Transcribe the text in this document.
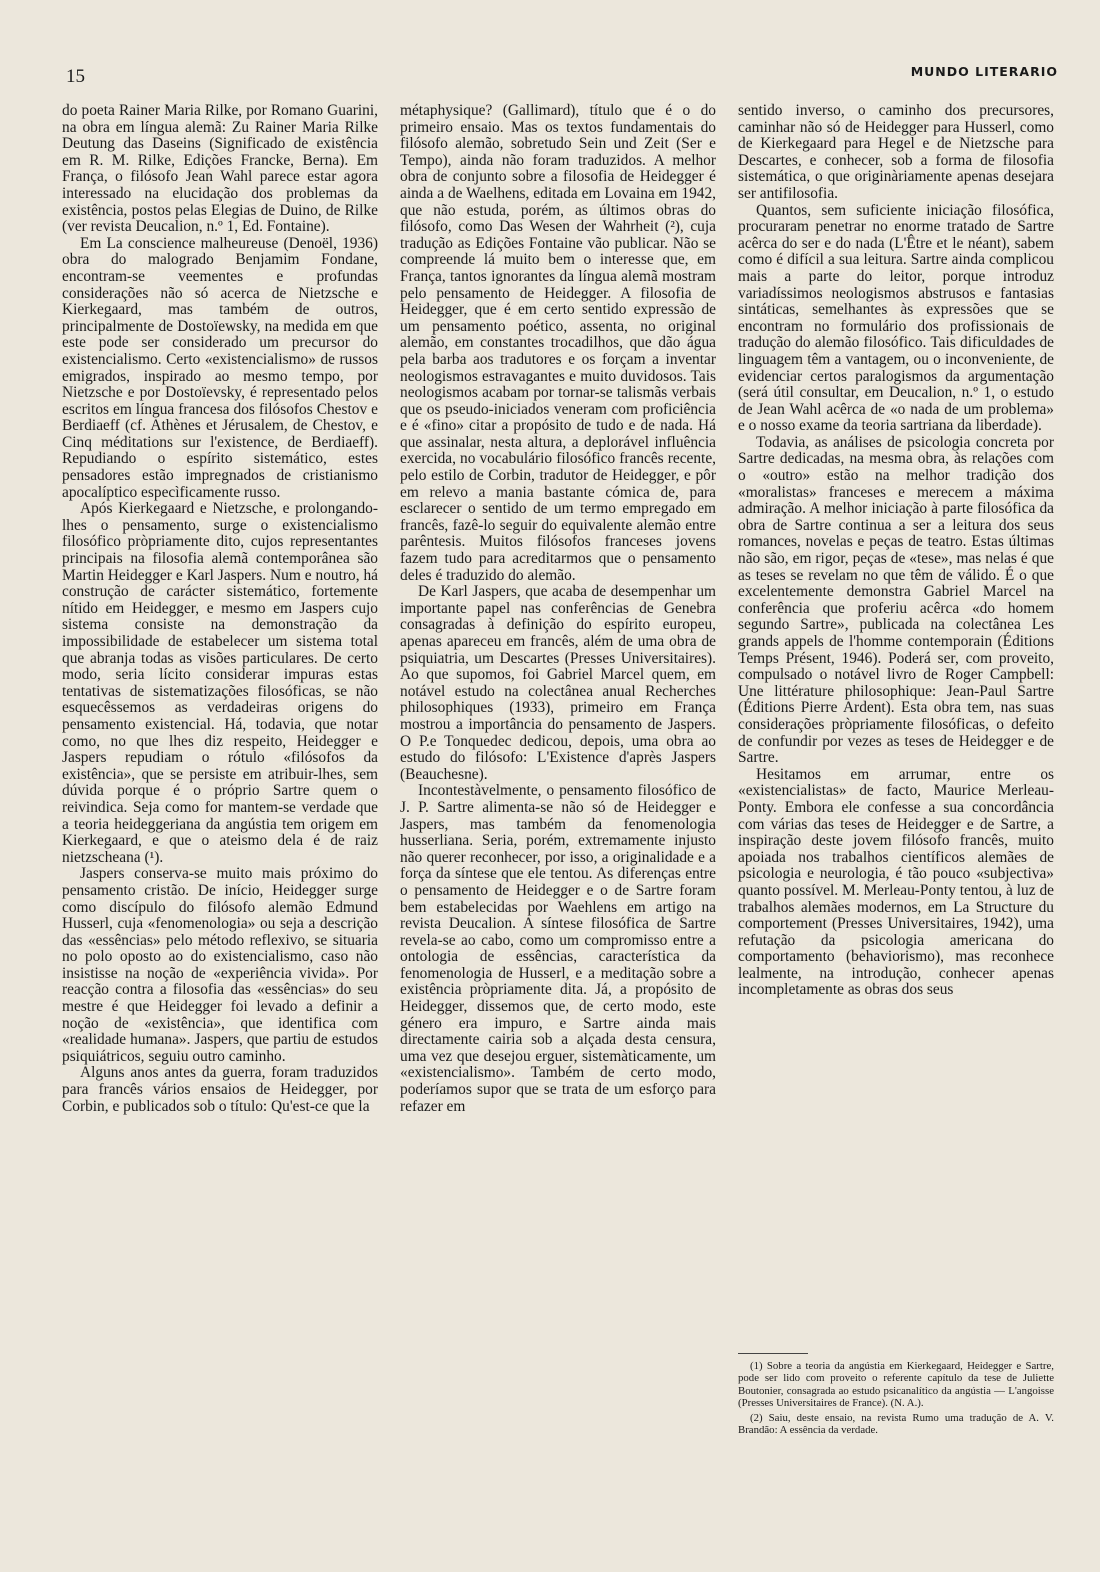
15	MUNDO LITERARIO

do poeta Rainer Maria Rilke, por Romano Guarini, na obra em língua alemã: Zu Rainer Maria Rilke Deutung das Daseins (Significado de existência em R. M. Rilke, Edições Francke, Berna). Em França, o filósofo Jean Wahl parece estar agora interessado na elucidação dos problemas da existência, postos pelas Elegias de Duino, de Rilke (ver revista Deucalion, n.º 1, Ed. Fontaine).

Em La conscience malheureuse (Denoël, 1936) obra do malogrado Benjamim Fondane, encontram-se veementes e profundas considerações não só acerca de Nietzsche e Kierkegaard, mas também de outros, principalmente de Dostoïewsky, na medida em que este pode ser considerado um precursor do existencialismo. Certo «existencialismo» de russos emigrados, inspirado ao mesmo tempo, por Nietzsche e por Dostoïevsky, é representado pelos escritos em língua francesa dos filósofos Chestov e Berdiaeff (cf. Athènes et Jérusalem, de Chestov, e Cinq méditations sur l'existence, de Berdiaeff). Repudiando o espírito sistemático, estes pensadores estão impregnados de cristianismo apocalíptico especìficamente russo.

Após Kierkegaard e Nietzsche, e prolongando-lhes o pensamento, surge o existencialismo filosófico pròpriamente dito, cujos representantes principais na filosofia alemã contemporânea são Martin Heidegger e Karl Jaspers. Num e noutro, há construção de carácter sistemático, fortemente nítido em Heidegger, e mesmo em Jaspers cujo sistema consiste na demonstração da impossibilidade de estabelecer um sistema total que abranja todas as visões particulares. De certo modo, seria lícito considerar impuras estas tentativas de sistematizações filosóficas, se não esquecêssemos as verdadeiras origens do pensamento existencial. Há, todavia, que notar como, no que lhes diz respeito, Heidegger e Jaspers repudiam o rótulo «filósofos da existência», que se persiste em atribuir-lhes, sem dúvida porque é o próprio Sartre quem o reivindica. Seja como for mantem-se verdade que a teoria heideggeriana da angústia tem origem em Kierkegaard, e que o ateismo dela é de raiz nietzscheana (¹).

Jaspers conserva-se muito mais próximo do pensamento cristão. De início, Heidegger surge como discípulo do filósofo alemão Edmund Husserl, cuja «fenomenologia» ou seja a descrição das «essências» pelo método reflexivo, se situaria no polo oposto ao do existencialismo, caso não insistisse na noção de «experiência vivida». Por reacção contra a filosofia das «essências» do seu mestre é que Heidegger foi levado a definir a noção de «existência», que identifica com «realidade humana». Jaspers, que partiu de estudos psiquiátricos, seguiu outro caminho.

Alguns anos antes da guerra, foram traduzidos para francês vários ensaios de Heidegger, por Corbin, e publicados sob o título: Qu'est-ce que la

métaphysique? (Gallimard), título que é o do primeiro ensaio. Mas os textos fundamentais do filósofo alemão, sobretudo Sein und Zeit (Ser e Tempo), ainda não foram traduzidos. A melhor obra de conjunto sobre a filosofia de Heidegger é ainda a de Waelhens, editada em Lovaina em 1942, que não estuda, porém, as últimos obras do filósofo, como Das Wesen der Wahrheit (²), cuja tradução as Edições Fontaine vão publicar. Não se compreende lá muito bem o interesse que, em França, tantos ignorantes da língua alemã mostram pelo pensamento de Heidegger. A filosofia de Heidegger, que é em certo sentido expressão de um pensamento poético, assenta, no original alemão, em constantes trocadilhos, que dão água pela barba aos tradutores e os forçam a inventar neologismos estravagantes e muito duvidosos. Tais neologismos acabam por tornar-se talismãs verbais que os pseudo-iniciados veneram com proficiência e é «fino» citar a propósito de tudo e de nada. Há que assinalar, nesta altura, a deplorável influência exercida, no vocabulário filosófico francês recente, pelo estilo de Corbin, tradutor de Heidegger, e pôr em relevo a mania bastante cómica de, para esclarecer o sentido de um termo empregado em francês, fazê-lo seguir do equivalente alemão entre parêntesis. Muitos filósofos franceses jovens fazem tudo para acreditarmos que o pensamento deles é traduzido do alemão.

De Karl Jaspers, que acaba de desempenhar um importante papel nas conferências de Genebra consagradas à definição do espírito europeu, apenas apareceu em francês, além de uma obra de psiquiatria, um Descartes (Presses Universitaires). Ao que supomos, foi Gabriel Marcel quem, em notável estudo na colectânea anual Recherches philosophiques (1933), primeiro em França mostrou a importância do pensamento de Jaspers. O P.e Tonquedec dedicou, depois, uma obra ao estudo do filósofo: L'Existence d'après Jaspers (Beauchesne).

Incontestàvelmente, o pensamento filosófico de J. P. Sartre alimenta-se não só de Heidegger e Jaspers, mas também da fenomenologia husserliana. Seria, porém, extremamente injusto não querer reconhecer, por isso, a originalidade e a força da síntese que ele tentou. As diferenças entre o pensamento de Heidegger e o de Sartre foram bem estabelecidas por Waehlens em artigo na revista Deucalion. A síntese filosófica de Sartre revela-se ao cabo, como um compromisso entre a ontologia de essências, característica da fenomenologia de Husserl, e a meditação sobre a existência pròpriamente dita. Já, a propósito de Heidegger, dissemos que, de certo modo, este género era impuro, e Sartre ainda mais directamente cairia sob a alçada desta censura, uma vez que desejou erguer, sistemàticamente, um «existencialismo». Também de certo modo, poderíamos supor que se trata de um esforço para refazer em

sentido inverso, o caminho dos precursores, caminhar não só de Heidegger para Husserl, como de Kierkegaard para Hegel e de Nietzsche para Descartes, e conhecer, sob a forma de filosofia sistemática, o que originàriamente apenas desejara ser antifilosofia.

Quantos, sem suficiente iniciação filosófica, procuraram penetrar no enorme tratado de Sartre acêrca do ser e do nada (L'Être et le néant), sabem como é difícil a sua leitura. Sartre ainda complicou mais a parte do leitor, porque introduz variadíssimos neologismos abstrusos e fantasias sintáticas, semelhantes às expressões que se encontram no formulário dos profissionais de tradução do alemão filosófico. Tais dificuldades de linguagem têm a vantagem, ou o inconveniente, de evidenciar certos paralogismos da argumentação (será útil consultar, em Deucalion, n.º 1, o estudo de Jean Wahl acêrca de «o nada de um problema» e o nosso exame da teoria sartriana da liberdade).

Todavia, as análises de psicologia concreta por Sartre dedicadas, na mesma obra, às relações com o «outro» estão na melhor tradição dos «moralistas» franceses e merecem a máxima admiração. A melhor iniciação à parte filosófica da obra de Sartre continua a ser a leitura dos seus romances, novelas e peças de teatro. Estas últimas não são, em rigor, peças de «tese», mas nelas é que as teses se revelam no que têm de válido. É o que excelentemente demonstra Gabriel Marcel na conferência que proferiu acêrca «do homem segundo Sartre», publicada na colectânea Les grands appels de l'homme contemporain (Éditions Temps Présent, 1946). Poderá ser, com proveito, compulsado o notável livro de Roger Campbell: Une littérature philosophique: Jean-Paul Sartre (Éditions Pierre Ardent). Esta obra tem, nas suas considerações pròpriamente filosóficas, o defeito de confundir por vezes as teses de Heidegger e de Sartre.

Hesitamos em arrumar, entre os «existencialistas» de facto, Maurice Merleau-Ponty. Embora ele confesse a sua concordância com várias das teses de Heidegger e de Sartre, a inspiração deste jovem filósofo francês, muito apoiada nos trabalhos científicos alemães de psicologia e neurologia, é tão pouco «subjectiva» quanto possível. M. Merleau-Ponty tentou, à luz de trabalhos alemães modernos, em La Structure du comportement (Presses Universitaires, 1942), uma refutação da psicologia americana do comportamento (behaviorismo), mas reconhece lealmente, na introdução, conhecer apenas incompletamente as obras dos seus

(1) Sobre a teoria da angústia em Kierkegaard, Heidegger e Sartre, pode ser lido com proveito o referente capítulo da tese de Juliette Boutonier, consagrada ao estudo psicanalítico da angústia — L'angoisse (Presses Universitaires de France). (N. A.).

(2) Saiu, deste ensaio, na revista Rumo uma tradução de A. V. Brandão: A essência da verdade.
